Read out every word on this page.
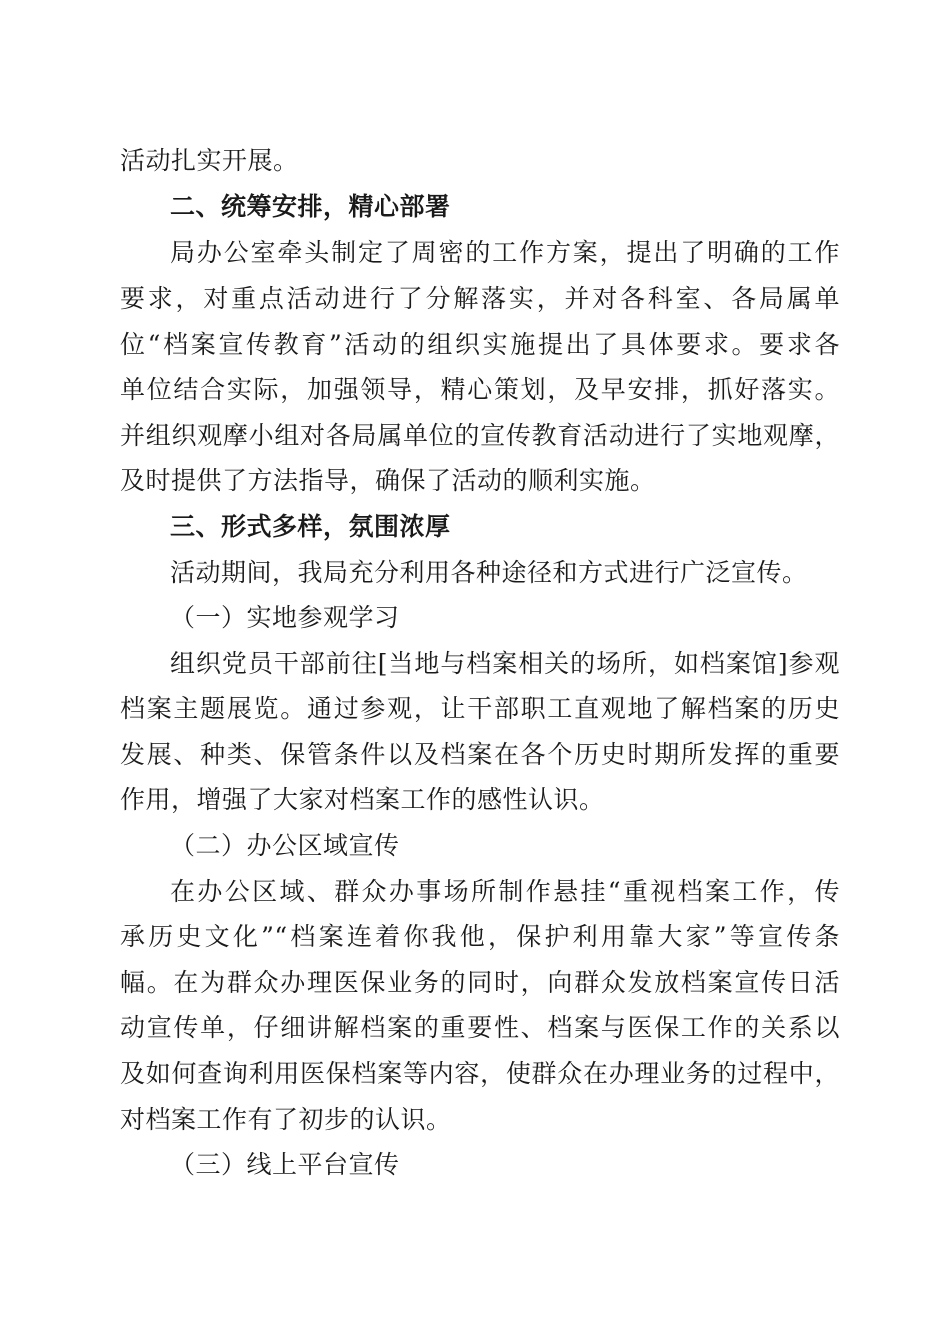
活动扎实开展。
二、统筹安排，精心部署
局办公室牵头制定了周密的工作方案，提出了明确的工作
要求，对重点活动进行了分解落实，并对各科室、各局属单
位“档案宣传教育”活动的组织实施提出了具体要求。要求各
单位结合实际，加强领导，精心策划，及早安排，抓好落实。
并组织观摩小组对各局属单位的宣传教育活动进行了实地观摩，
及时提供了方法指导，确保了活动的顺利实施。
三、形式多样，氛围浓厚
活动期间，我局充分利用各种途径和方式进行广泛宣传。
（一）实地参观学习
组织党员干部前往[当地与档案相关的场所，如档案馆]参观
档案主题展览。通过参观，让干部职工直观地了解档案的历史
发展、种类、保管条件以及档案在各个历史时期所发挥的重要
作用，增强了大家对档案工作的感性认识。
（二）办公区域宣传
在办公区域、群众办事场所制作悬挂“重视档案工作，传
承历史文化”“档案连着你我他，保护利用靠大家”等宣传条
幅。在为群众办理医保业务的同时，向群众发放档案宣传日活
动宣传单，仔细讲解档案的重要性、档案与医保工作的关系以
及如何查询利用医保档案等内容，使群众在办理业务的过程中，
对档案工作有了初步的认识。
（三）线上平台宣传
